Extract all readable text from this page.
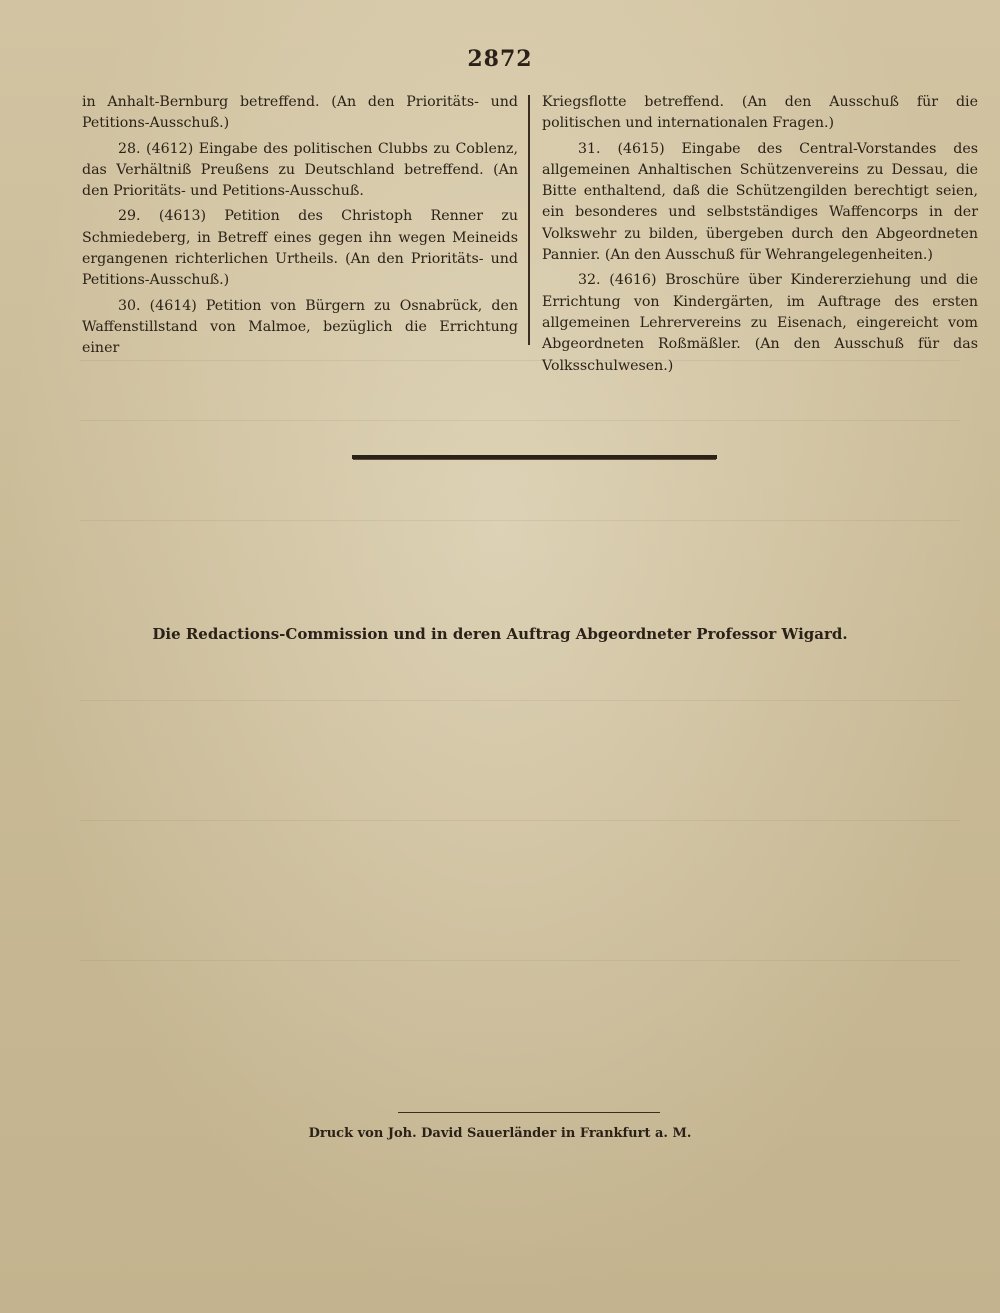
2872

in Anhalt-Bernburg betreffend. (An den Prioritäts- und Petitions-Ausschuß.)

28. (4612) Eingabe des politischen Clubbs zu Coblenz, das Verhältniß Preußens zu Deutschland betreffend. (An den Prioritäts- und Petitions-Ausschuß.

29. (4613) Petition des Christoph Renner zu Schmiedeberg, in Betreff eines gegen ihn wegen Meineids ergangenen richterlichen Urtheils. (An den Prioritäts- und Petitions-Ausschuß.)

30. (4614) Petition von Bürgern zu Osnabrück, den Waffenstillstand von Malmoe, bezüglich die Errichtung einer

Kriegsflotte betreffend. (An den Ausschuß für die politischen und internationalen Fragen.)

31. (4615) Eingabe des Central-Vorstandes des allgemeinen Anhaltischen Schützenvereins zu Dessau, die Bitte enthaltend, daß die Schützengilden berechtigt seien, ein besonderes und selbstständiges Waffencorps in der Volkswehr zu bilden, übergeben durch den Abgeordneten Pannier. (An den Ausschuß für Wehrangelegenheiten.)

32. (4616) Broschüre über Kindererziehung und die Errichtung von Kindergärten, im Auftrage des ersten allgemeinen Lehrervereins zu Eisenach, eingereicht vom Abgeordneten Roßmäßler. (An den Ausschuß für das Volksschulwesen.)

Die Redactions-Commission und in deren Auftrag Abgeordneter Professor Wigard.
Druck von Joh. David Sauerländer in Frankfurt a. M.
